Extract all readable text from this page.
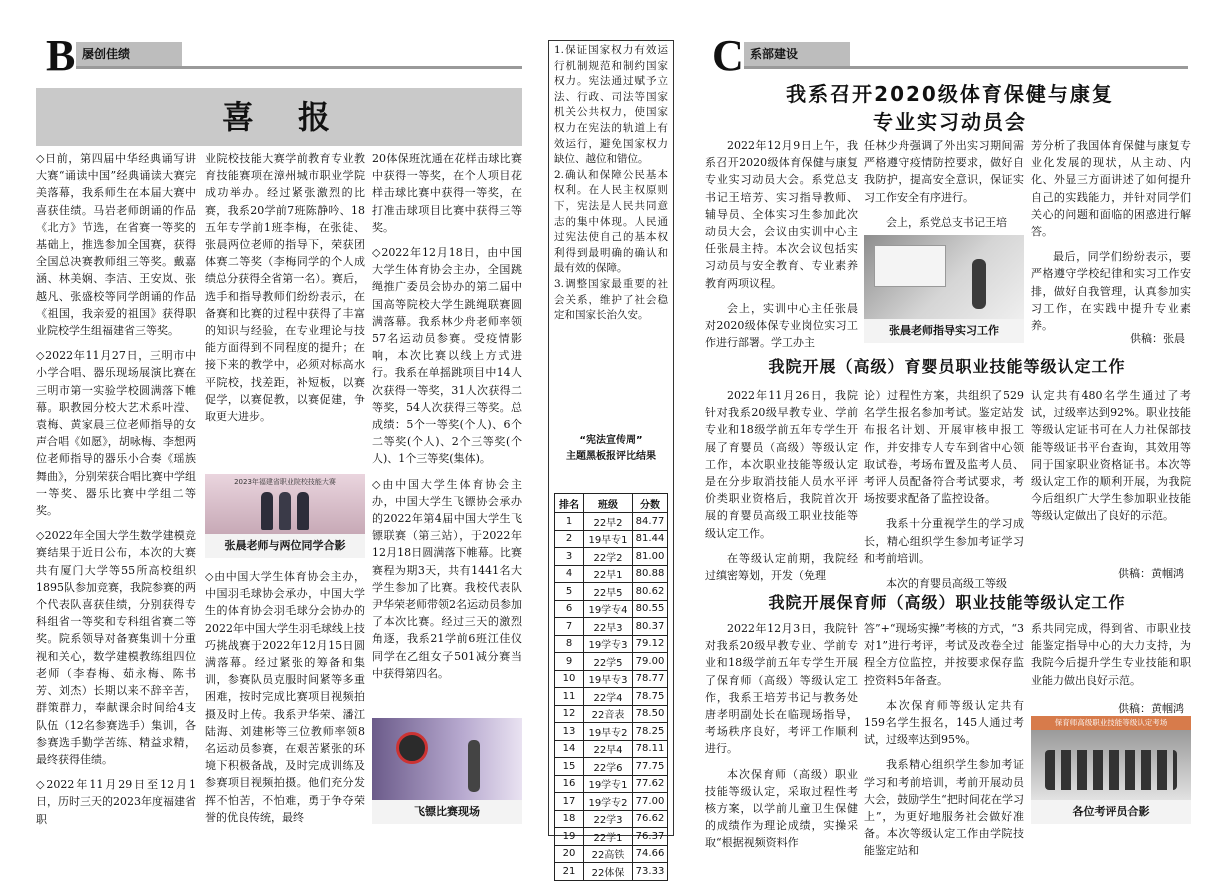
B 屡创佳绩
喜　报

◇日前，第四届中华经典诵写讲大赛“诵读中国”经典诵读大赛完美落幕，我系师生在本届大赛中喜获佳绩。马岩老师朗诵的作品《北方》节选，在省赛一等奖的基础上，推选参加全国赛，获得全国总决赛教师组三等奖。戴嘉涵、林美娴、李洁、王安岚、张越凡、张盛校等同学朗诵的作品《祖国，我亲爱的祖国》获得职业院校学生组福建省三等奖。

◇2022年11月27日，三明市中小学合唱、器乐现场展演比赛在三明市第一实验学校圆满落下帷幕。职教园分校大艺术系叶滢、袁梅、黄家晨三位老师指导的女声合唱《如愿》，胡咏梅、李想两位老师指导的器乐小合奏《瑶族舞曲》，分别荣获合唱比赛中学组一等奖、器乐比赛中学组二等奖。

◇2022年全国大学生数学建模竞赛结果于近日公布，本次的大赛共有厦门大学等55所高校组织1895队参加竞赛，我院参赛的两个代表队喜获佳绩，分别获得专科组省一等奖和专科组省赛二等奖。院系领导对备赛集训十分重视和关心，数学建模教练组四位老师（李春梅、茹永梅、陈书芳、刘杰）长期以来不辞辛苦，群策群力，奉献课余时间给4支队伍（12名参赛选手）集训，各参赛选手勤学苦练、精益求精，最终获得佳绩。

◇2022年11月29日至12月1日，历时三天的2023年度福建省职

业院校技能大赛学前教育专业教育技能赛项在漳州城市职业学院成功举办。经过紧张激烈的比赛，我系20学前7班陈静吟、18五年专学前1班李梅，在张徒、张晨两位老师的指导下，荣获团体赛二等奖（李梅同学的个人成绩总分获得全省第一名）。赛后，选手和指导教师们纷纷表示，在备赛和比赛的过程中获得了丰富的知识与经验，在专业理论与技能方面得到不同程度的提升；在接下来的教学中，必须对标高水平院校，找差距，补短板，以赛促学，以赛促教，以赛促建，争取更大进步。

2023年福建省职业院校技能大赛
张晨老师与两位同学合影

◇由中国大学生体育协会主办，中国羽毛球协会承办，中国大学生的体育协会羽毛球分会协办的2022年中国大学生羽毛球线上技巧挑战赛于2022年12月15日圆满落幕。经过紧张的筹备和集训，参赛队员克服时间紧等多重困难，按时完成比赛项目视频拍摄及时上传。我系尹华荣、潘江陆海、刘建彬等三位教师率领8名运动员参赛，在艰苦紧张的环境下积极备战，及时完成训练及参赛项目视频拍摄。他们充分发挥不怕苦，不怕难，勇于争夺荣誉的优良传统，最终

20体保班沈通在花样击球比赛中获得一等奖，在个人项目花样击球比赛中获得一等奖，在打准击球项目比赛中获得三等奖。

◇2022年12月18日，由中国大学生体育协会主办，全国跳绳推广委员会协办的第二届中国高等院校大学生跳绳联赛圆满落幕。我系林少舟老师率领57名运动员参赛。受疫情影响，本次比赛以线上方式进行。我系在单摇跳项目中14人次获得一等奖，31人次获得二等奖，54人次获得三等奖。总成绩：5个一等奖(个人)、6个二等奖(个人)、2个三等奖(个人)、1个三等奖(集体)。

◇由中国大学生体育协会主办，中国大学生飞镖协会承办的2022年第4届中国大学生飞镖联赛（第三站），于2022年12月18日圆满落下帷幕。比赛赛程为期3天，共有1441名大学生参加了比赛。我校代表队尹华荣老师带领2名运动员参加了本次比赛。经过三天的激烈角逐，我系21学前6班江佳仪同学在乙组女子501减分赛当中获得第四名。

飞镖比赛现场

1.保证国家权力有效运行机制规范和制约国家权力。宪法通过赋予立法、行政、司法等国家机关公共权力，使国家权力在宪法的轨道上有效运行，避免国家权力缺位、越位和错位。

2.确认和保障公民基本权利。在人民主权原则下，宪法是人民共同意志的集中体现。人民通过宪法使自己的基本权利得到最明确的确认和最有效的保障。

3.调整国家最重要的社会关系，维护了社会稳定和国家长治久安。

“宪法宣传周”
主题黑板报评比结果
排名	班级	分数
1	22早2	84.77
2	19早专1	81.44
3	22学2	81.00
4	22早1	80.88
5	22早5	80.62
6	19学专4	80.55
7	22早3	80.37
8	19学专3	79.12
9	22学5	79.00
10	19早专3	78.77
11	22学4	78.75
12	22音表	78.50
13	19早专2	78.25
14	22早4	78.11
15	22学6	77.75
16	19学专1	77.62
17	19学专2	77.00
18	22学3	76.62
19	22学1	76.37
20	22高铁	74.66
21	22体保	73.33
C 系部建设
我系召开2020级体育保健与康复
专业实习动员会

2022年12月9日上午，我系召开2020级体育保健与康复专业实习动员大会。系党总支书记王培芳、实习指导教师、辅导员、全体实习生参加此次动员大会，会议由实训中心主任张晨主持。本次会议包括实习动员与安全教育、专业素养教育两项议程。

会上，实训中心主任张晨对2020级体保专业岗位实习工作进行部署。学工办主

任林少舟强调了外出实习期间需严格遵守疫情防控要求，做好自我防护，提高安全意识，保证实习工作安全有序进行。

会上，系党总支书记王培

张晨老师指导实习工作

芳分析了我国体育保健与康复专业化发展的现状，从主动、内化、外显三方面讲述了如何提升自己的实践能力，并针对同学们关心的问题和面临的困惑进行解答。

最后，同学们纷纷表示，要严格遵守学校纪律和实习工作安排，做好自我管理，认真参加实习工作，在实践中提升专业素养。

供稿：张晨
我院开展（高级）育婴员职业技能等级认定工作

2022年11月26日，我院针对我系20级早教专业、学前专业和18级学前五年专学生开展了育婴员（高级）等级认定工作，本次职业技能等级认定是在分步取消技能人员水平评价类职业资格后，我院首次开展的育婴员高级工职业技能等级认定工作。

在等级认定前期，我院经过缜密筹划，开发（免理

论）过程性方案，共组织了529名学生报名参加考试。鉴定站发布报名计划、开展审核申报工作，并安排专人专车到省中心领取试卷，考场布置及监考人员、考评人员配备符合考试要求，考场按要求配备了监控设备。

我系十分重视学生的学习成长，精心组织学生参加考证学习和考前培训。

本次的育婴员高级工等级

认定共有480名学生通过了考试，过级率达到92%。职业技能等级认定证书可在人力社保部技能等级证书平台查询，其效用等同于国家职业资格证书。本次等级认定工作的顺利开展，为我院今后组织广大学生参加职业技能等级认定做出了良好的示范。

供稿：黄帼鸿
我院开展保育师（高级）职业技能等级认定工作

2022年12月3日，我院针对我系20级早教专业、学前专业和18级学前五年专学生开展了保育师（高级）等级认定工作，我系王培芳书记与教务处唐孝明副处长在临现场指导，考场秩序良好，考评工作顺利进行。

本次保育师（高级）职业技能等级认定，采取过程性考核方案，以学前儿童卫生保健的成绩作为理论成绩，实操采取“根据视频资料作

答”+“现场实操”考核的方式，“3对1”进行考评，考试及改卷全过程全方位监控，并按要求保存监控资料5年备查。

本次保育师等级认定共有159名学生报名，145人通过考试，过级率达到95%。

我系精心组织学生参加考证学习和考前培训，考前开展动员大会，鼓励学生“把时间花在学习上”，为更好地服务社会做好准备。本次等级认定工作由学院技能鉴定站和

系共同完成，得到省、市职业技能鉴定指导中心的大力支持，为我院今后提升学生专业技能和职业能力做出良好示范。

供稿：黄帼鸿
保育师高级职业技能等级认定考场
各位考评员合影
